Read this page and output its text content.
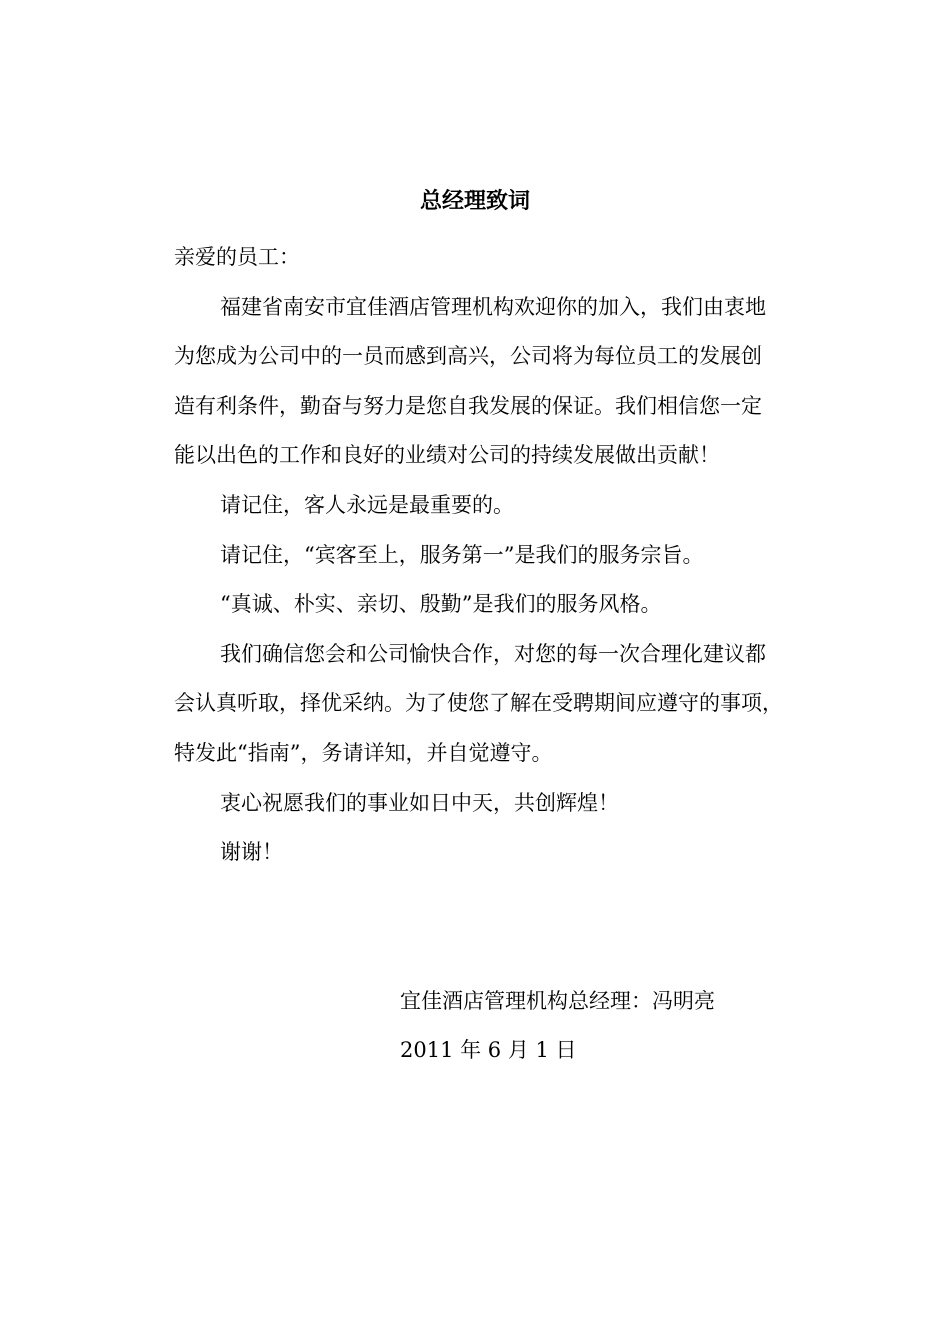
总经理致词
亲爱的员工：
福建省南安市宜佳酒店管理机构欢迎你的加入，我们由衷地
为您成为公司中的一员而感到高兴，公司将为每位员工的发展创
造有利条件，勤奋与努力是您自我发展的保证。我们相信您一定
能以出色的工作和良好的业绩对公司的持续发展做出贡献！
请记住，客人永远是最重要的。
请记住，“宾客至上，服务第一”是我们的服务宗旨。
“真诚、朴实、亲切、殷勤”是我们的服务风格。
我们确信您会和公司愉快合作，对您的每一次合理化建议都
会认真听取，择优采纳。为了使您了解在受聘期间应遵守的事项，
特发此“指南”，务请详知，并自觉遵守。
衷心祝愿我们的事业如日中天，共创辉煌！
谢谢！
宜佳酒店管理机构总经理：冯明亮
2011 年 6 月 1 日
